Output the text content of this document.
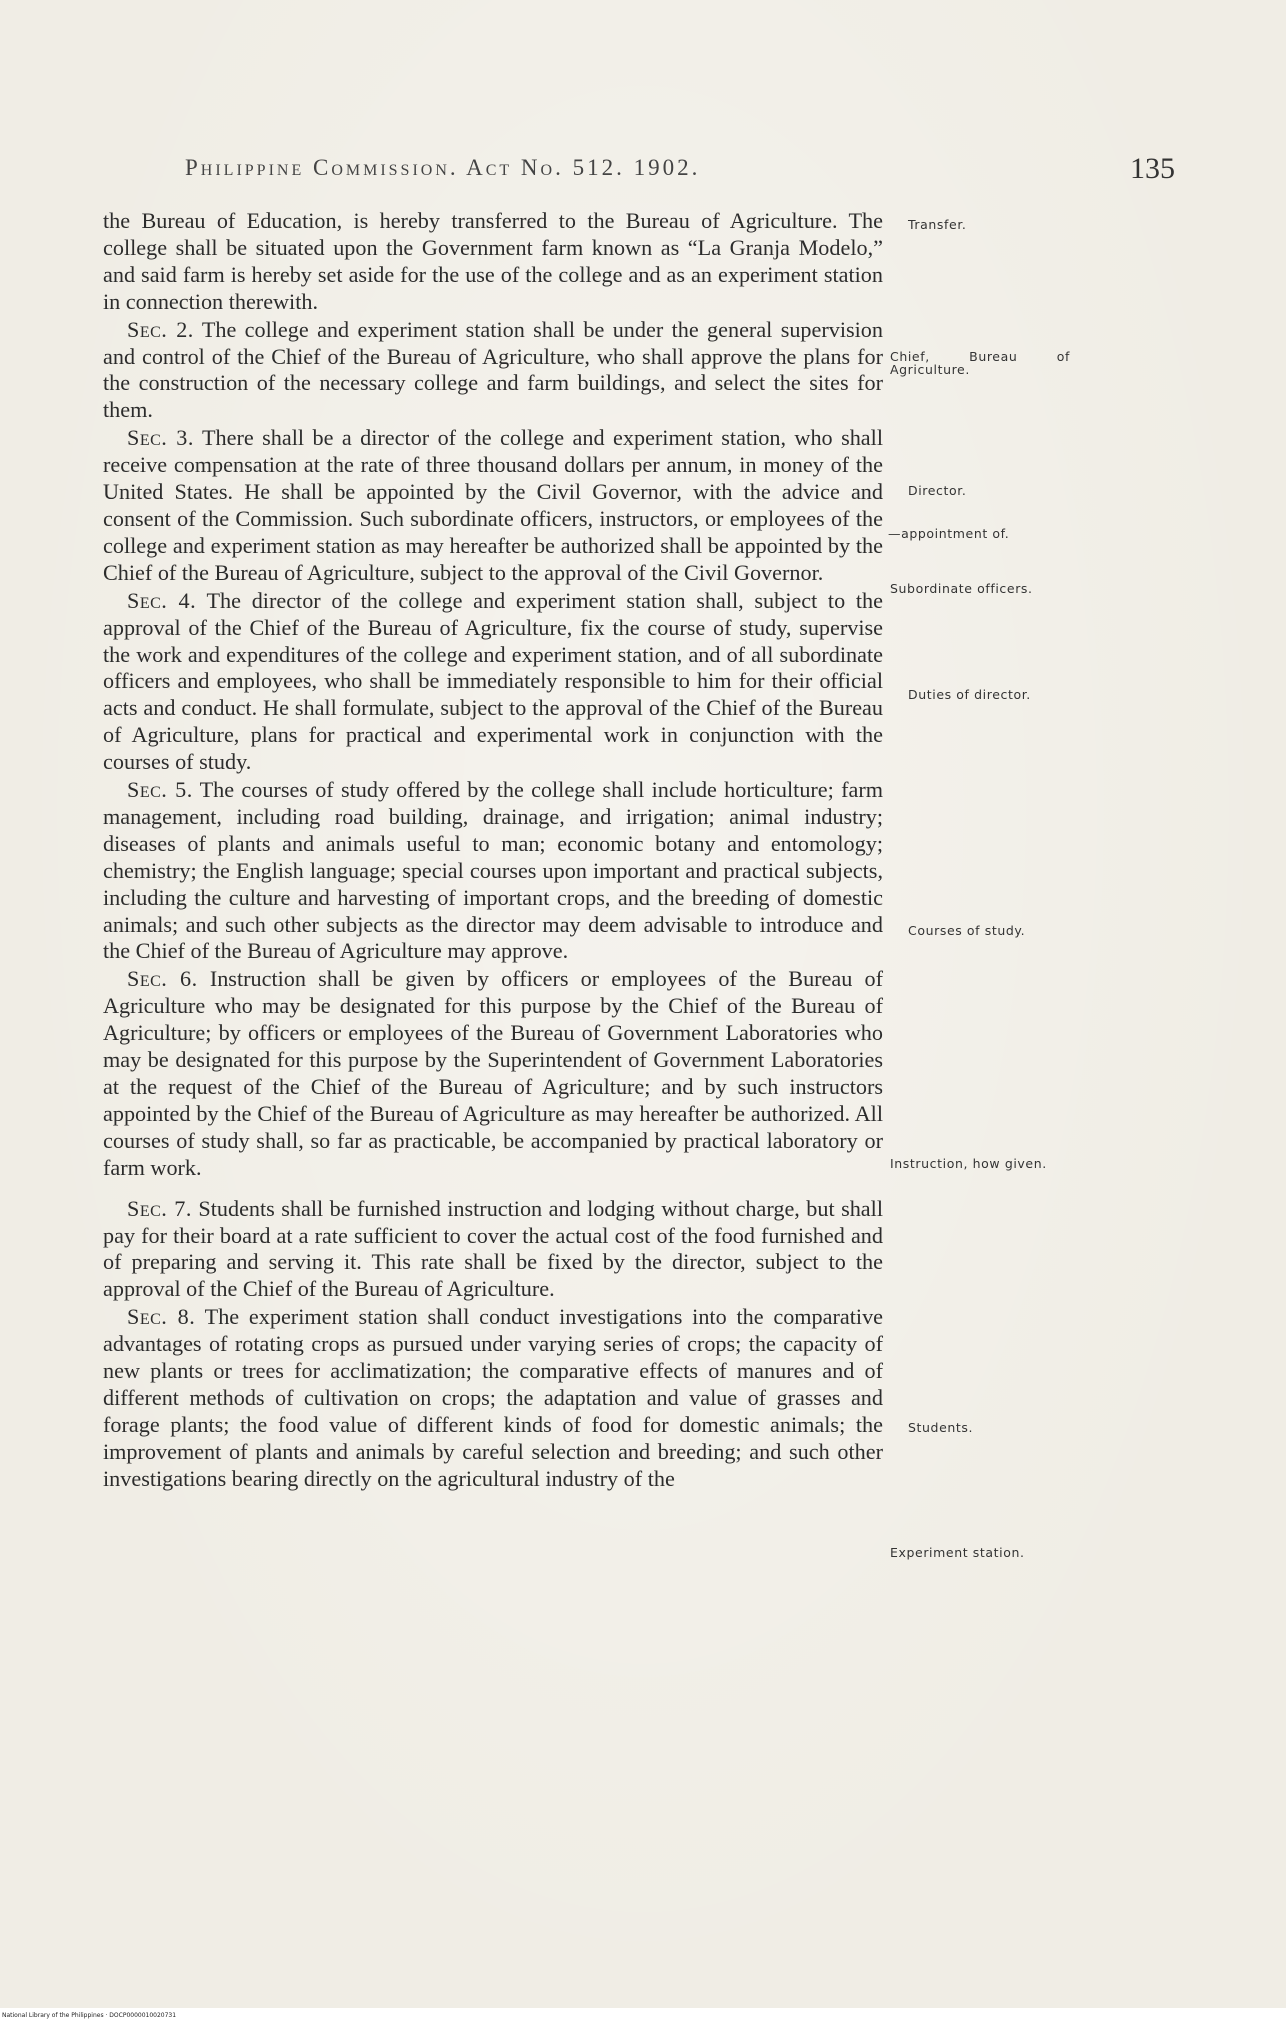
Philippine Commission. Act No. 512. 1902.	135

the Bureau of Education, is hereby transferred to the Bureau of Agriculture. The college shall be situated upon the Government farm known as “La Granja Modelo,” and said farm is hereby set aside for the use of the college and as an experiment station in connection therewith.

Sec. 2. The college and experiment station shall be under the general supervision and control of the Chief of the Bureau of Agriculture, who shall approve the plans for the construction of the necessary college and farm buildings, and select the sites for them.

Sec. 3. There shall be a director of the college and experiment station, who shall receive compensation at the rate of three thousand dollars per annum, in money of the United States. He shall be appointed by the Civil Governor, with the advice and consent of the Commission. Such subordinate officers, instructors, or employees of the college and experiment station as may hereafter be authorized shall be appointed by the Chief of the Bureau of Agriculture, subject to the approval of the Civil Governor.

Sec. 4. The director of the college and experiment station shall, subject to the approval of the Chief of the Bureau of Agriculture, fix the course of study, supervise the work and expenditures of the college and experiment station, and of all subordinate officers and employees, who shall be immediately responsible to him for their official acts and conduct. He shall formulate, subject to the approval of the Chief of the Bureau of Agriculture, plans for practical and experimental work in conjunction with the courses of study.

Sec. 5. The courses of study offered by the college shall include horticulture; farm management, including road building, drainage, and irrigation; animal industry; diseases of plants and animals useful to man; economic botany and entomology; chemistry; the English language; special courses upon important and practical subjects, including the culture and harvesting of important crops, and the breeding of domestic animals; and such other subjects as the director may deem advisable to introduce and the Chief of the Bureau of Agriculture may approve.

Sec. 6. Instruction shall be given by officers or employees of the Bureau of Agriculture who may be designated for this purpose by the Chief of the Bureau of Agriculture; by officers or employees of the Bureau of Government Laboratories who may be designated for this purpose by the Superintendent of Government Laboratories at the request of the Chief of the Bureau of Agriculture; and by such instructors appointed by the Chief of the Bureau of Agriculture as may hereafter be authorized. All courses of study shall, so far as practicable, be accompanied by practical laboratory or farm work.

Sec. 7. Students shall be furnished instruction and lodging without charge, but shall pay for their board at a rate sufficient to cover the actual cost of the food furnished and of preparing and serving it. This rate shall be fixed by the director, subject to the approval of the Chief of the Bureau of Agriculture.

Sec. 8. The experiment station shall conduct investigations into the comparative advantages of rotating crops as pursued under varying series of crops; the capacity of new plants or trees for acclimatization; the comparative effects of manures and of different methods of cultivation on crops; the adaptation and value of grasses and forage plants; the food value of different kinds of food for domestic animals; the improvement of plants and animals by careful selection and breeding; and such other investigations bearing directly on the agricultural industry of the

Transfer.
Chief, Bureau of Agriculture.
Director.
—appointment of.
Subordinate officers.
Duties of director.
Courses of study.
Instruction, how given.
Students.
Experiment station.
National Library of the Philippines · DOCP0000010020731
